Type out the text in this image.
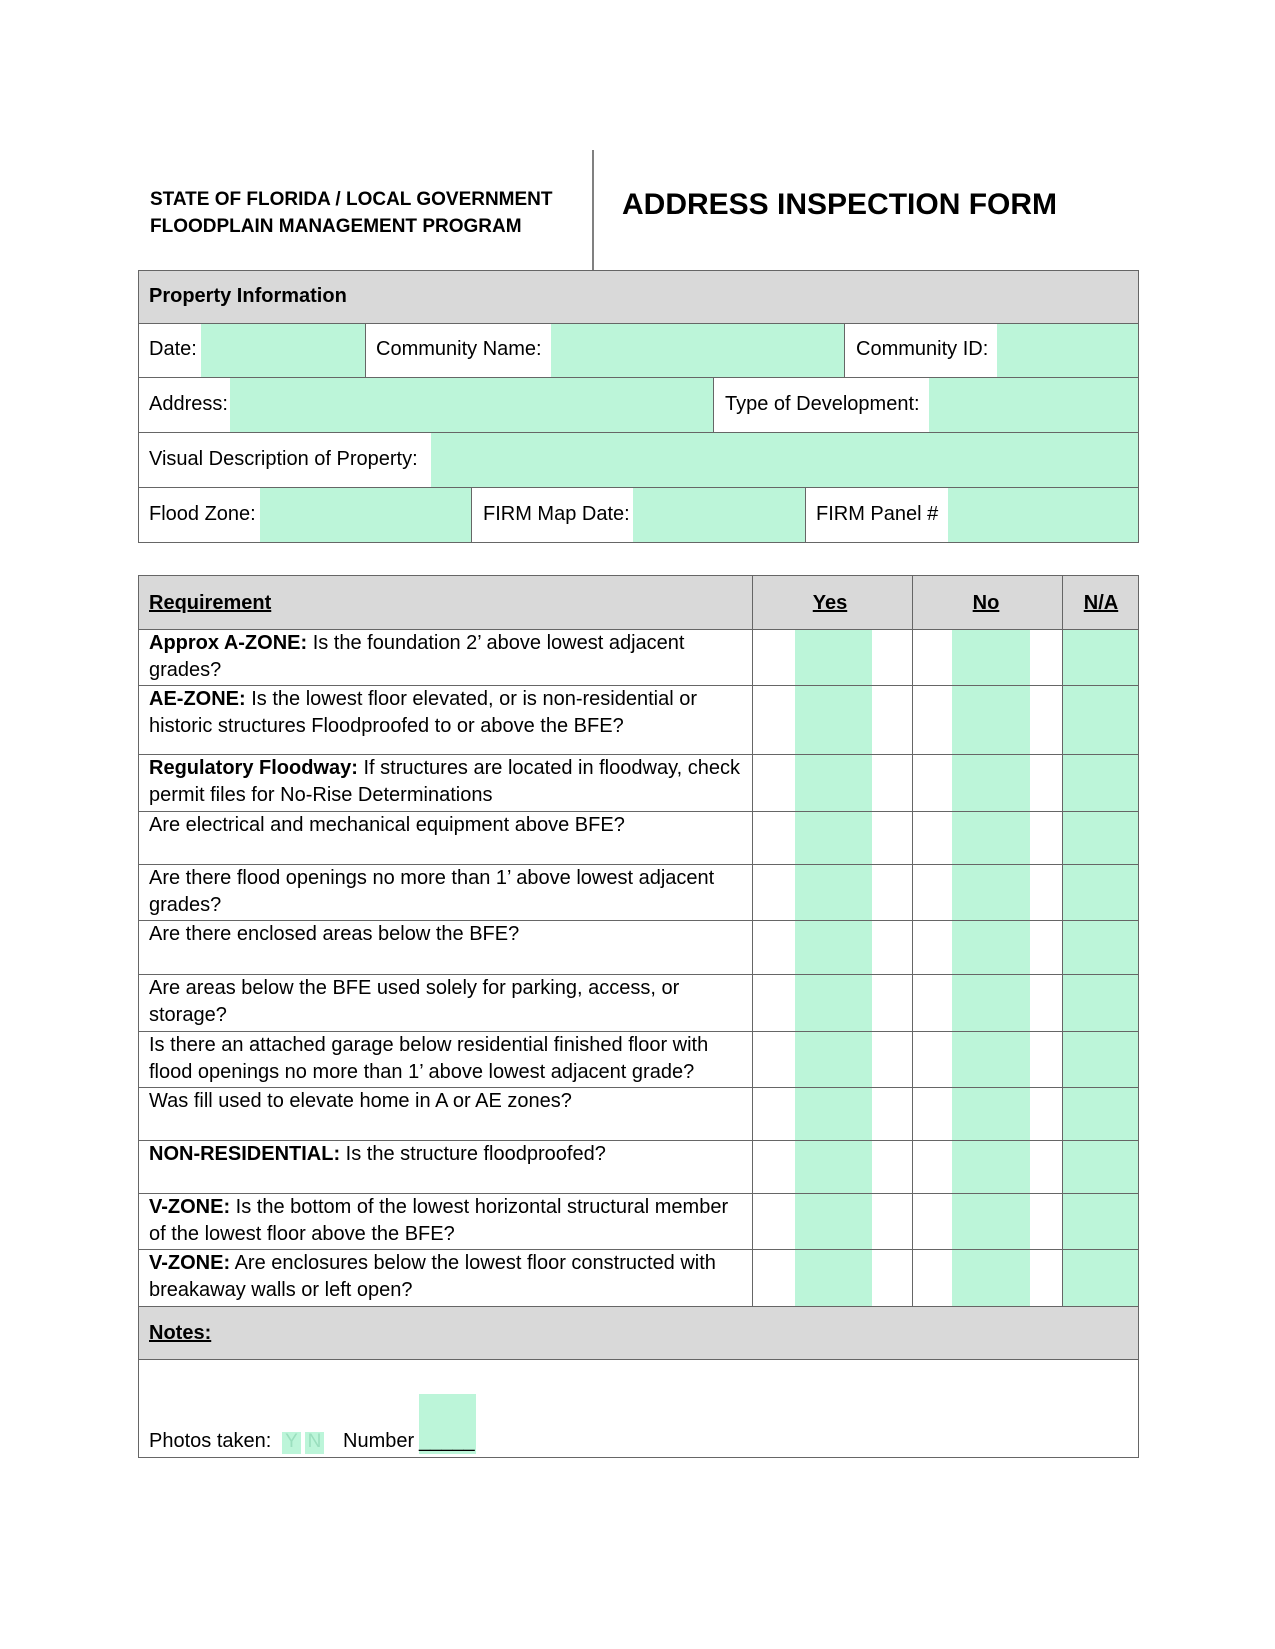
STATE OF FLORIDA / LOCAL GOVERNMENT
FLOODPLAIN MANAGEMENT PROGRAM
ADDRESS INSPECTION FORM
Property Information
Date:	Community Name:	Community ID:
Address:	Type of Development:
Visual Description of Property:
Flood Zone:	FIRM Map Date:	FIRM Panel #
Requirement	Yes	No	N/A
Approx A-ZONE: Is the foundation 2’ above lowest adjacent grades?
AE-ZONE: Is the lowest floor elevated, or is non-residential or historic structures Floodproofed to or above the BFE?
Regulatory Floodway: If structures are located in floodway, check permit files for No-Rise Determinations
Are electrical and mechanical equipment above BFE?
Are there flood openings no more than 1’ above lowest adjacent grades?
Are there enclosed areas below the BFE?
Are areas below the BFE used solely for parking, access, or storage?
Is there an attached garage below residential finished floor with flood openings no more than 1’ above lowest adjacent grade?
Was fill used to elevate home in A or AE zones?
NON-RESIDENTIAL: Is the structure floodproofed?
V-ZONE: Is the bottom of the lowest horizontal structural member of the lowest floor above the BFE?
V-ZONE: Are enclosures below the lowest floor constructed with breakaway walls or left open?
Notes:
Photos taken: Y N Number _____
